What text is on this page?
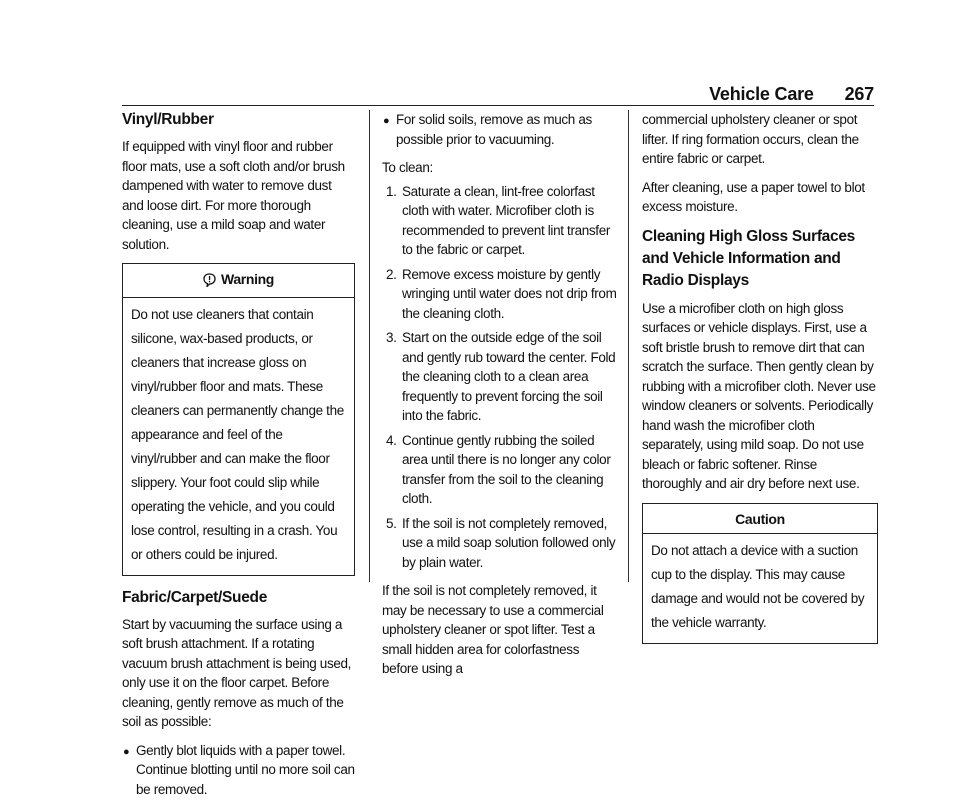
Vehicle Care 267
Vinyl/Rubber

If equipped with vinyl floor and rubber floor mats, use a soft cloth and/or brush dampened with water to remove dust and loose dirt. For more thorough cleaning, use a mild soap and water solution.

Warning
Do not use cleaners that contain silicone, wax-based products, or cleaners that increase gloss on vinyl/rubber floor and mats. These cleaners can permanently change the appearance and feel of the vinyl/rubber and can make the floor slippery. Your foot could slip while operating the vehicle, and you could lose control, resulting in a crash. You or others could be injured.
Fabric/Carpet/Suede

Start by vacuuming the surface using a soft brush attachment. If a rotating vacuum brush attachment is being used, only use it on the floor carpet. Before cleaning, gently remove as much of the soil as possible:

● Gently blot liquids with a paper towel. Continue blotting until no more soil can be removed.
● For solid soils, remove as much as possible prior to vacuuming.

To clean:

1. Saturate a clean, lint-free colorfast cloth with water. Microfiber cloth is recommended to prevent lint transfer to the fabric or carpet.
2. Remove excess moisture by gently wringing until water does not drip from the cleaning cloth.
3. Start on the outside edge of the soil and gently rub toward the center. Fold the cleaning cloth to a clean area frequently to prevent forcing the soil into the fabric.
4. Continue gently rubbing the soiled area until there is no longer any color transfer from the soil to the cleaning cloth.
5. If the soil is not completely removed, use a mild soap solution followed only by plain water.

If the soil is not completely removed, it may be necessary to use a commercial upholstery cleaner or spot lifter. Test a small hidden area for colorfastness before using a

commercial upholstery cleaner or spot lifter. If ring formation occurs, clean the entire fabric or carpet.

After cleaning, use a paper towel to blot excess moisture.

Cleaning High Gloss Surfaces and Vehicle Information and Radio Displays

Use a microfiber cloth on high gloss surfaces or vehicle displays. First, use a soft bristle brush to remove dirt that can scratch the surface. Then gently clean by rubbing with a microfiber cloth. Never use window cleaners or solvents. Periodically hand wash the microfiber cloth separately, using mild soap. Do not use bleach or fabric softener. Rinse thoroughly and air dry before next use.

Caution
Do not attach a device with a suction cup to the display. This may cause damage and would not be covered by the vehicle warranty.
